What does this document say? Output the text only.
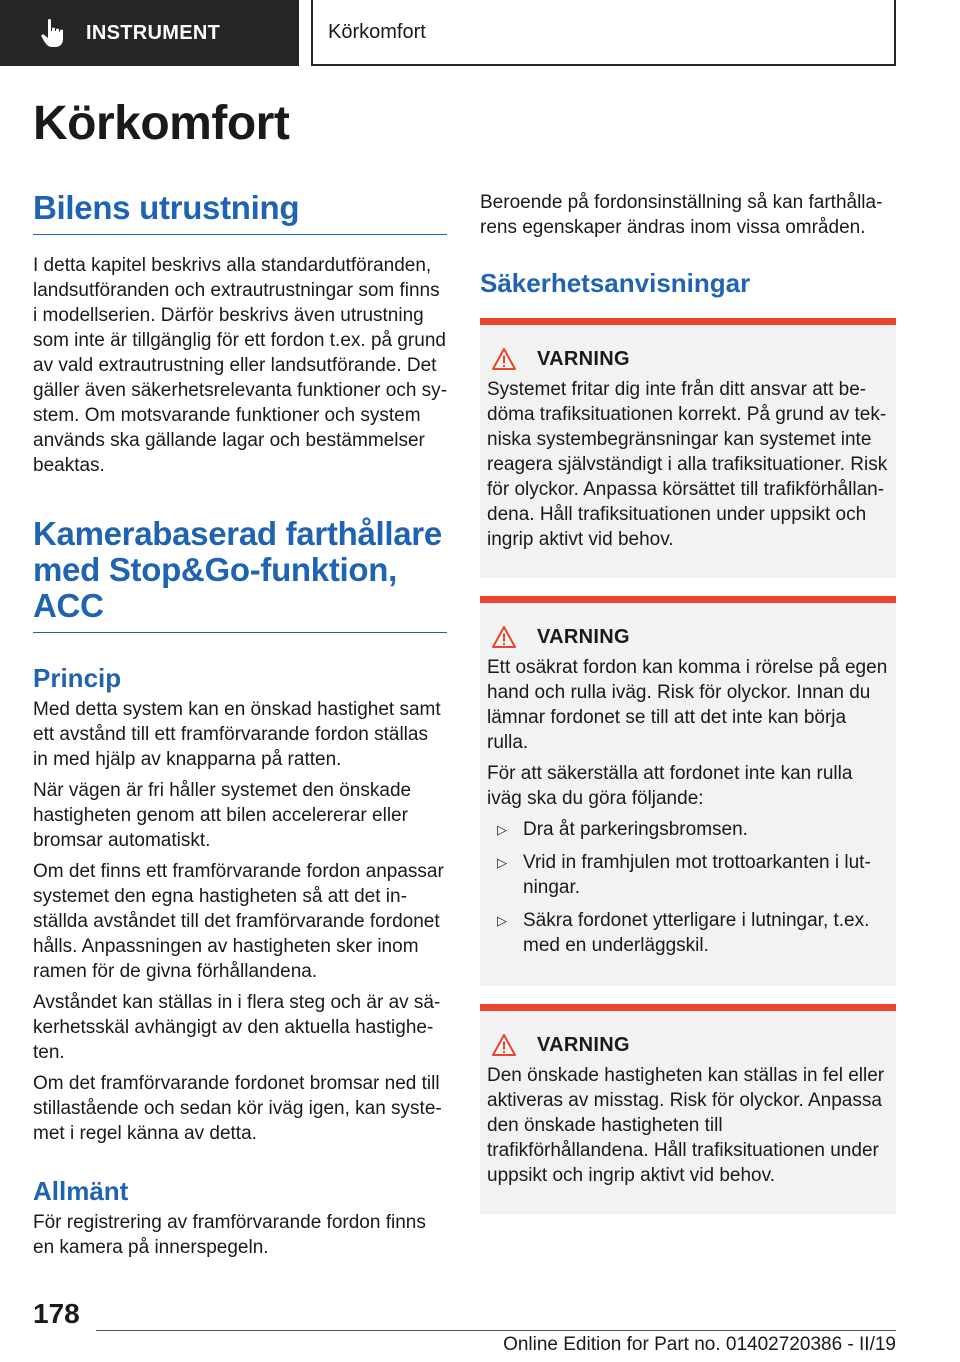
INSTRUMENT	Körkomfort
Körkomfort
Bilens utrustning

I detta kapitel beskrivs alla standardutföranden, landsutföranden och extrautrustningar som finns i modellserien. Därför beskrivs även utrustning som inte är tillgänglig för ett fordon t.ex. på grund av vald extrautrustning eller landsutförande. Det gäller även säkerhetsrelevanta funktioner och system. Om motsvarande funktioner och system används ska gällande lagar och bestämmelser beaktas.

Kamerabaserad farthållare med Stop&Go-funktion, ACC
Princip

Med detta system kan en önskad hastighet samt ett avstånd till ett framförvarande fordon ställas in med hjälp av knapparna på ratten.

När vägen är fri håller systemet den önskade hastigheten genom att bilen accelererar eller bromsar automatiskt.

Om det finns ett framförvarande fordon anpassar systemet den egna hastigheten så att det inställda avståndet till det framförvarande fordonet hålls. Anpassningen av hastigheten sker inom ramen för de givna förhållandena.

Avståndet kan ställas in i flera steg och är av säkerhetsskäl avhängigt av den aktuella hastigheten.

Om det framförvarande fordonet bromsar ned till stillastående och sedan kör iväg igen, kan systemet i regel känna av detta.

Allmänt

För registrering av framförvarande fordon finns en kamera på innerspegeln.

Beroende på fordonsinställning så kan farthållarens egenskaper ändras inom vissa områden.

Säkerhetsanvisningar
VARNING

Systemet fritar dig inte från ditt ansvar att bedöma trafiksituationen korrekt. På grund av tekniska systembegränsningar kan systemet inte reagera självständigt i alla trafiksituationer. Risk för olyckor. Anpassa körsättet till trafikförhållandena. Håll trafiksituationen under uppsikt och ingrip aktivt vid behov.

VARNING

Ett osäkrat fordon kan komma i rörelse på egen hand och rulla iväg. Risk för olyckor. Innan du lämnar fordonet se till att det inte kan börja rulla.

För att säkerställa att fordonet inte kan rulla iväg ska du göra följande:

▷ Dra åt parkeringsbromsen.
▷ Vrid in framhjulen mot trottoarkanten i lutningar.
▷ Säkra fordonet ytterligare i lutningar, t.ex. med en underläggskil.
VARNING

Den önskade hastigheten kan ställas in fel eller aktiveras av misstag. Risk för olyckor. Anpassa den önskade hastigheten till trafikförhållandena. Håll trafiksituationen under uppsikt och ingrip aktivt vid behov.

178
Online Edition for Part no. 01402720386 - II/19
